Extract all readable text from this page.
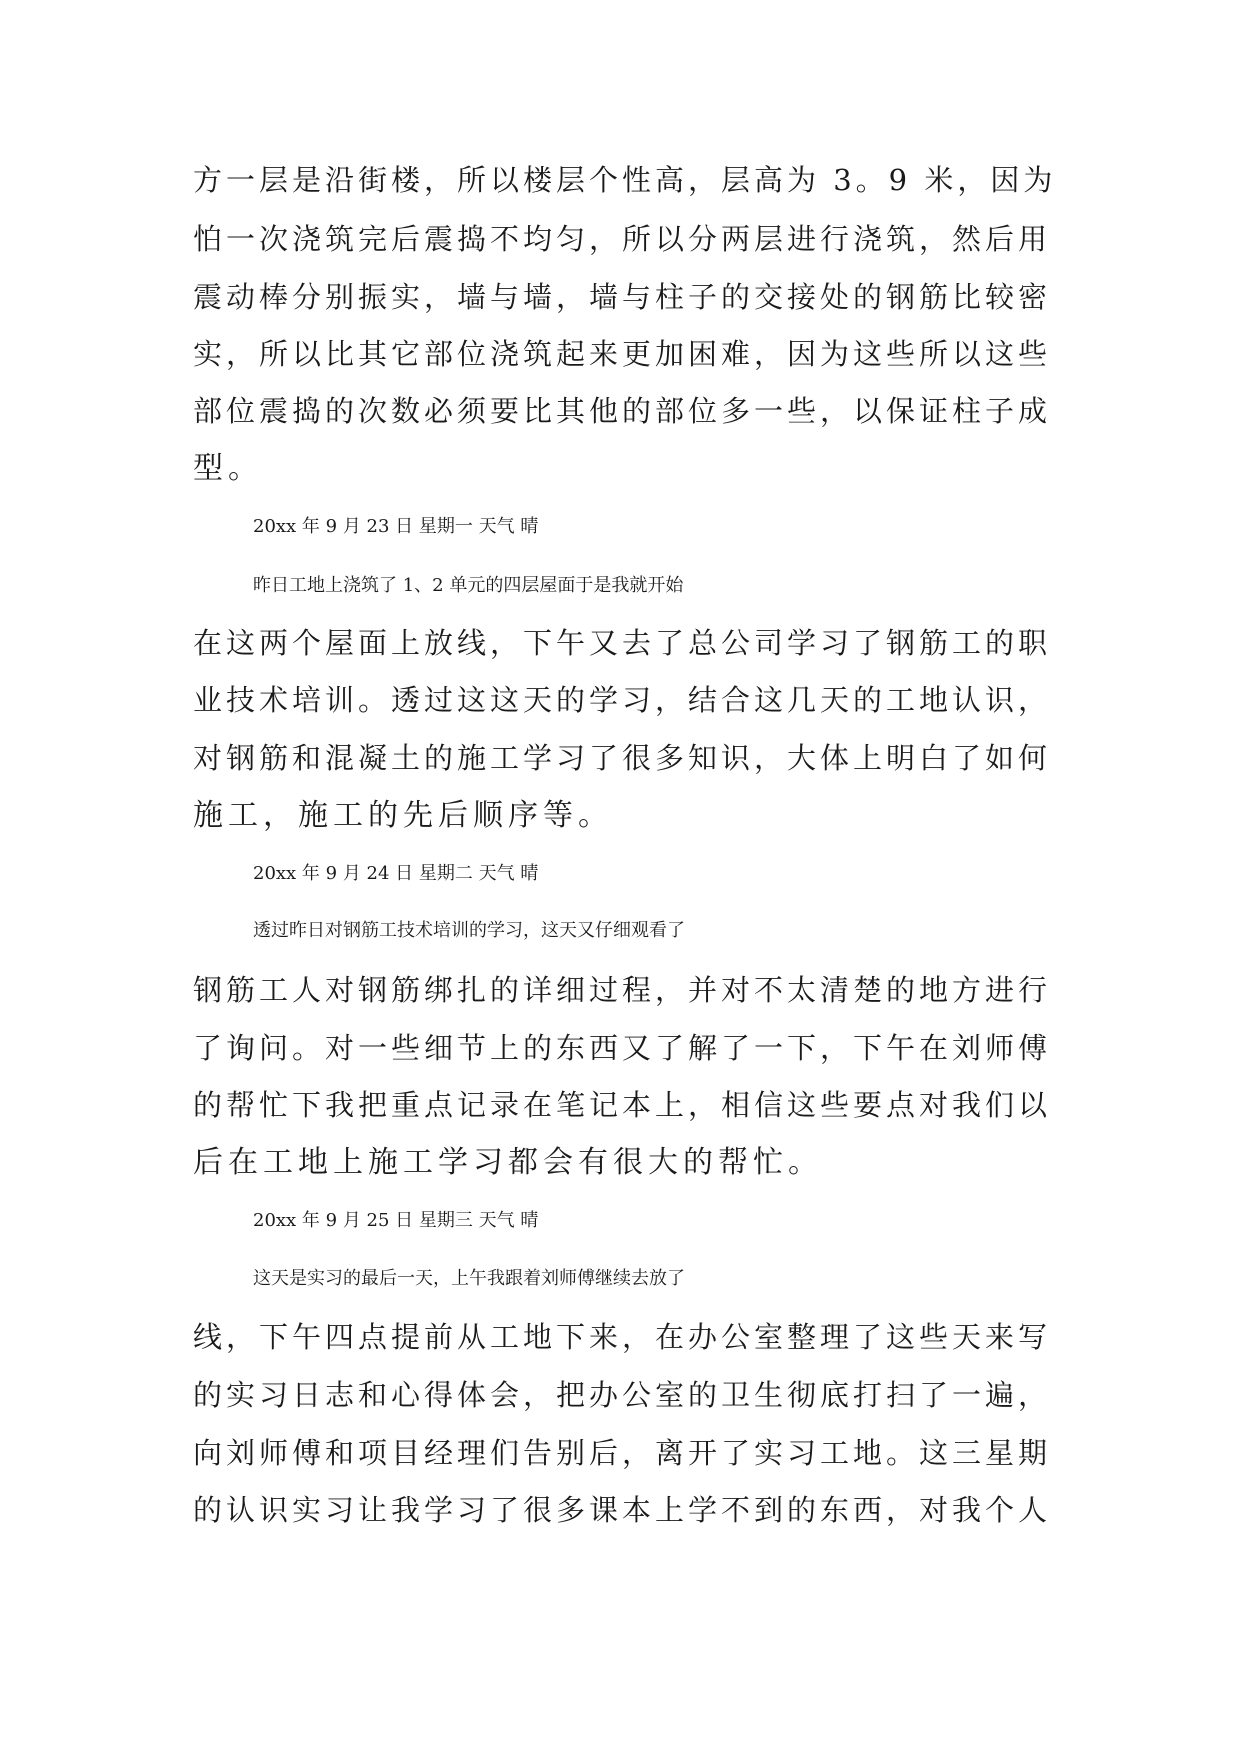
方一层是沿街楼，所以楼层个性高，层高为 3。9 米，因为
怕一次浇筑完后震捣不均匀，所以分两层进行浇筑，然后用
震动棒分别振实，墙与墙，墙与柱子的交接处的钢筋比较密
实，所以比其它部位浇筑起来更加困难，因为这些所以这些
部位震捣的次数必须要比其他的部位多一些，以保证柱子成
型。
20xx 年 9 月 23 日 星期一 天气 晴
昨日工地上浇筑了 1、2 单元的四层屋面于是我就开始
在这两个屋面上放线，下午又去了总公司学习了钢筋工的职
业技术培训。透过这这天的学习，结合这几天的工地认识，
对钢筋和混凝土的施工学习了很多知识，大体上明白了如何
施工，施工的先后顺序等。
20xx 年 9 月 24 日 星期二 天气 晴
透过昨日对钢筋工技术培训的学习，这天又仔细观看了
钢筋工人对钢筋绑扎的详细过程，并对不太清楚的地方进行
了询问。对一些细节上的东西又了解了一下，下午在刘师傅
的帮忙下我把重点记录在笔记本上，相信这些要点对我们以
后在工地上施工学习都会有很大的帮忙。
20xx 年 9 月 25 日 星期三 天气 晴
这天是实习的最后一天，上午我跟着刘师傅继续去放了
线，下午四点提前从工地下来，在办公室整理了这些天来写
的实习日志和心得体会，把办公室的卫生彻底打扫了一遍，
向刘师傅和项目经理们告别后，离开了实习工地。这三星期
的认识实习让我学习了很多课本上学不到的东西，对我个人
